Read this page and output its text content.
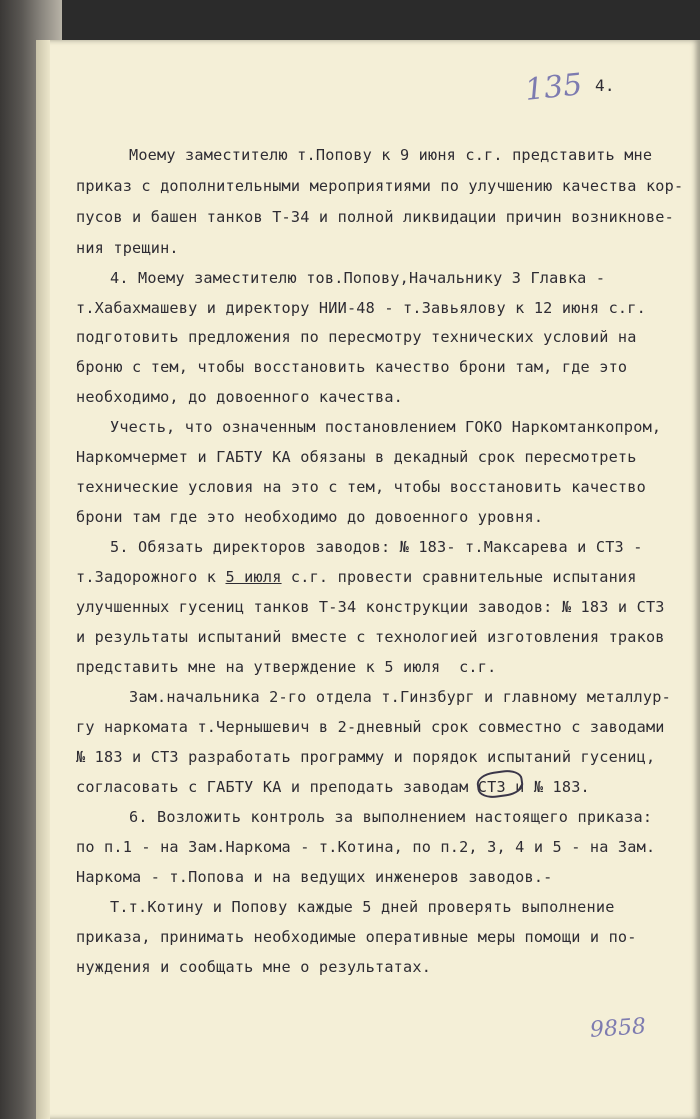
135 4.
Моему заместителю т.Попову к 9 июня с.г. представить мне
приказ с дополнительными мероприятиями по улучшению качества кор-
пусов и башен танков Т-34 и полной ликвидации причин возникнове-
ния трещин.
4. Моему заместителю тов.Попову,Начальнику 3 Главка -
т.Хабахмашеву и директору НИИ-48 - т.Завьялову к 12 июня с.г.
подготовить предложения по пересмотру технических условий на
броню с тем, чтобы восстановить качество брони там, где это
необходимо, до довоенного качества.
Учесть, что означенным постановлением ГОКО Наркомтанкопром,
Наркомчермет и ГАБТУ КА обязаны в декадный срок пересмотреть
технические условия на это с тем, чтобы восстановить качество
брони там где это необходимо до довоенного уровня.
5. Обязать директоров заводов: № 183- т.Максарева и СТЗ -
т.Задорожного к 5 июля с.г. провести сравнительные испытания
улучшенных гусениц танков Т-34 конструкции заводов: № 183 и СТЗ
и результаты испытаний вместе с технологией изготовления траков
представить мне на утверждение к 5 июля  с.г.
Зам.начальника 2-го отдела т.Гинзбург и главному металлур-
гу наркомата т.Чернышевич в 2-дневный срок совместно с заводами
№ 183 и СТЗ разработать программу и порядок испытаний гусениц,
согласовать с ГАБТУ КА и преподать заводам СТЗ и № 183.
6. Возложить контроль за выполнением настоящего приказа:
по п.1 - на Зам.Наркома - т.Котина, по п.2, 3, 4 и 5 - на Зам.
Наркома - т.Попова и на ведущих инженеров заводов.-
Т.т.Котину и Попову каждые 5 дней проверять выполнение
приказа, принимать необходимые оперативные меры помощи и по-
нуждения и сообщать мне о результатах.
9858
